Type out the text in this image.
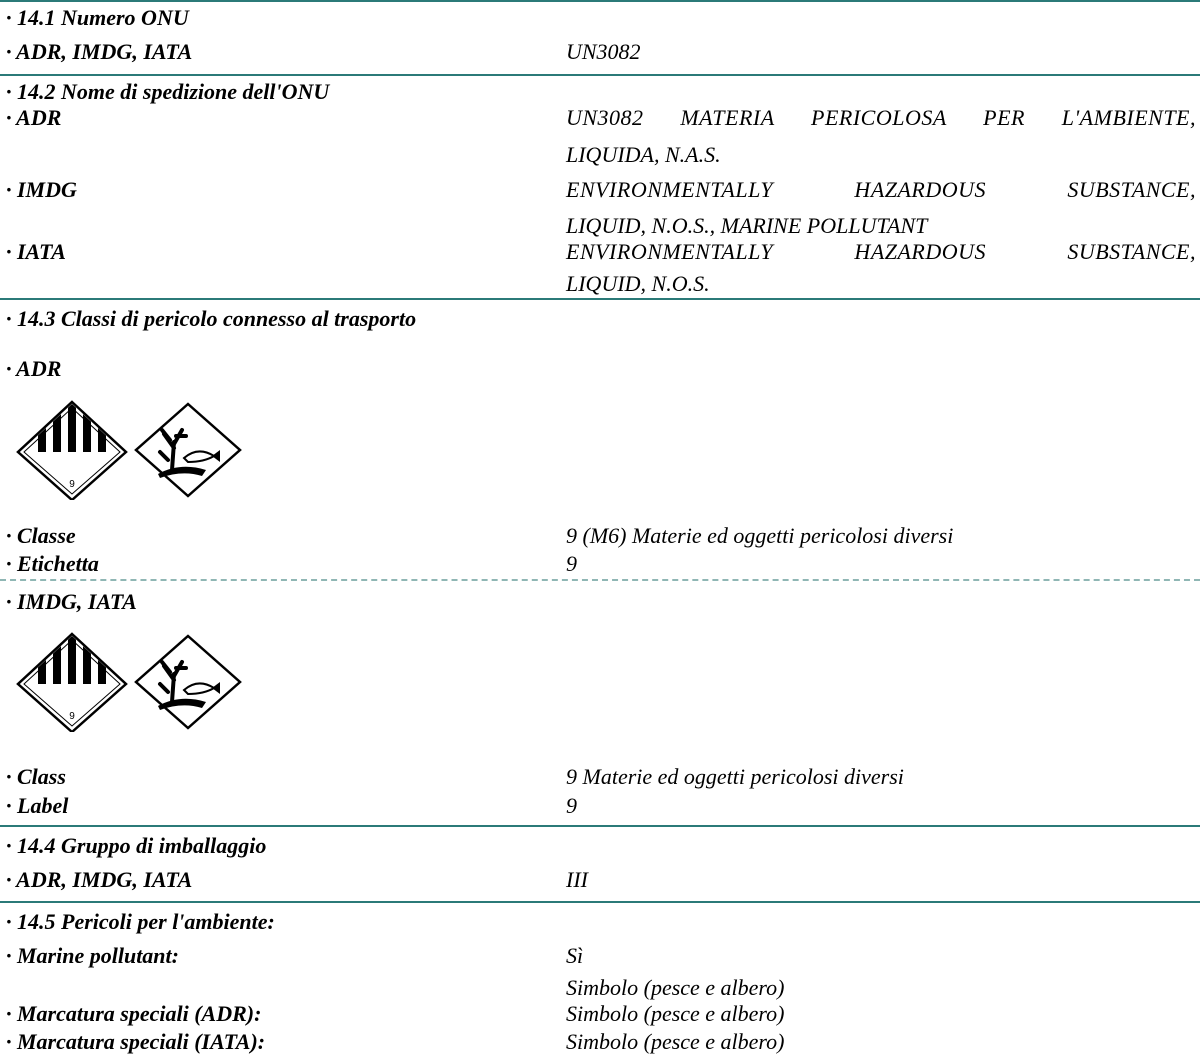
· 14.1 Numero ONU
· ADR, IMDG, IATA	UN3082
· 14.2 Nome di spedizione dell'ONU
· ADR	UN3082 MATERIA PERICOLOSA PER L'AMBIENTE,
LIQUIDA, N.A.S.
· IMDG	ENVIRONMENTALLY HAZARDOUS SUBSTANCE,
LIQUID, N.O.S., MARINE POLLUTANT
· IATA	ENVIRONMENTALLY HAZARDOUS SUBSTANCE,
LIQUID, N.O.S.
· 14.3 Classi di pericolo connesso al trasporto
· ADR
9
· Classe	9 (M6) Materie ed oggetti pericolosi diversi
· Etichetta	9
· IMDG, IATA
9
· Class	9 Materie ed oggetti pericolosi diversi
· Label	9
· 14.4 Gruppo di imballaggio
· ADR, IMDG, IATA	III
· 14.5 Pericoli per l'ambiente:
· Marine pollutant:	Sì
Simbolo (pesce e albero)
· Marcatura speciali (ADR):	Simbolo (pesce e albero)
· Marcatura speciali (IATA):	Simbolo (pesce e albero)
